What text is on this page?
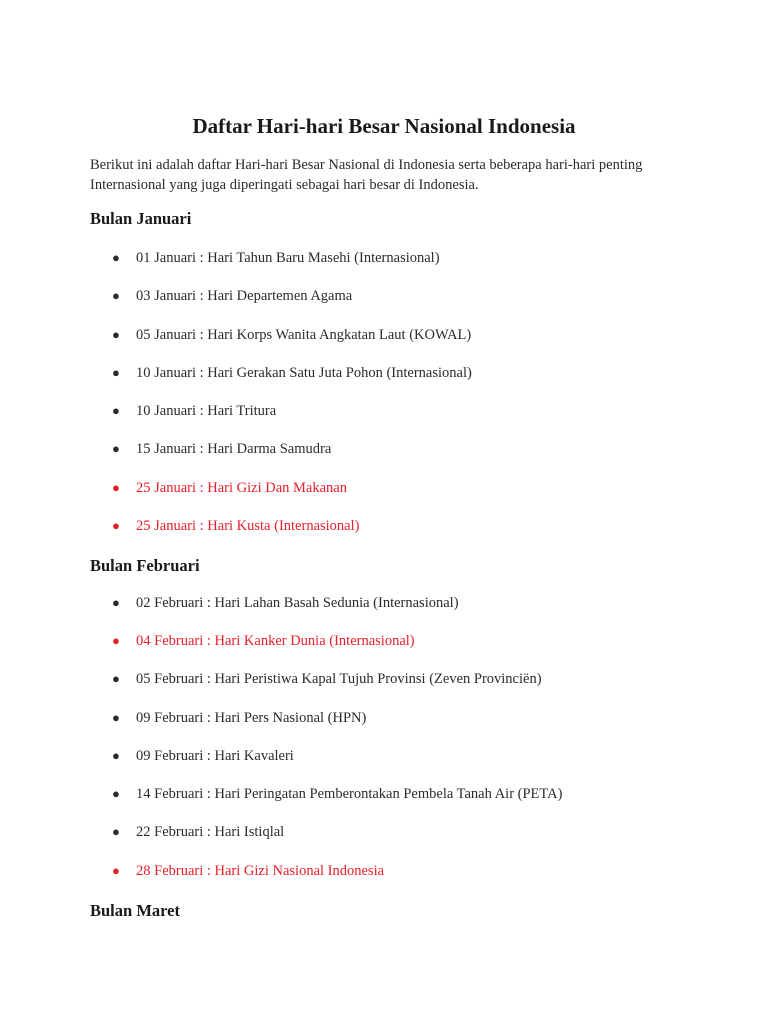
Daftar Hari-hari Besar Nasional Indonesia

Berikut ini adalah daftar Hari-hari Besar Nasional di Indonesia serta beberapa hari-hari penting Internasional yang juga diperingati sebagai hari besar di Indonesia.

Bulan Januari
● 01 Januari : Hari Tahun Baru Masehi (Internasional)
● 03 Januari : Hari Departemen Agama
● 05 Januari : Hari Korps Wanita Angkatan Laut (KOWAL)
● 10 Januari : Hari Gerakan Satu Juta Pohon (Internasional)
● 10 Januari : Hari Tritura
● 15 Januari : Hari Darma Samudra
● 25 Januari : Hari Gizi Dan Makanan
● 25 Januari : Hari Kusta (Internasional)
Bulan Februari
● 02 Februari : Hari Lahan Basah Sedunia (Internasional)
● 04 Februari : Hari Kanker Dunia (Internasional)
● 05 Februari : Hari Peristiwa Kapal Tujuh Provinsi (Zeven Provinciën)
● 09 Februari : Hari Pers Nasional (HPN)
● 09 Februari : Hari Kavaleri
● 14 Februari : Hari Peringatan Pemberontakan Pembela Tanah Air (PETA)
● 22 Februari : Hari Istiqlal
● 28 Februari : Hari Gizi Nasional Indonesia
Bulan Maret
